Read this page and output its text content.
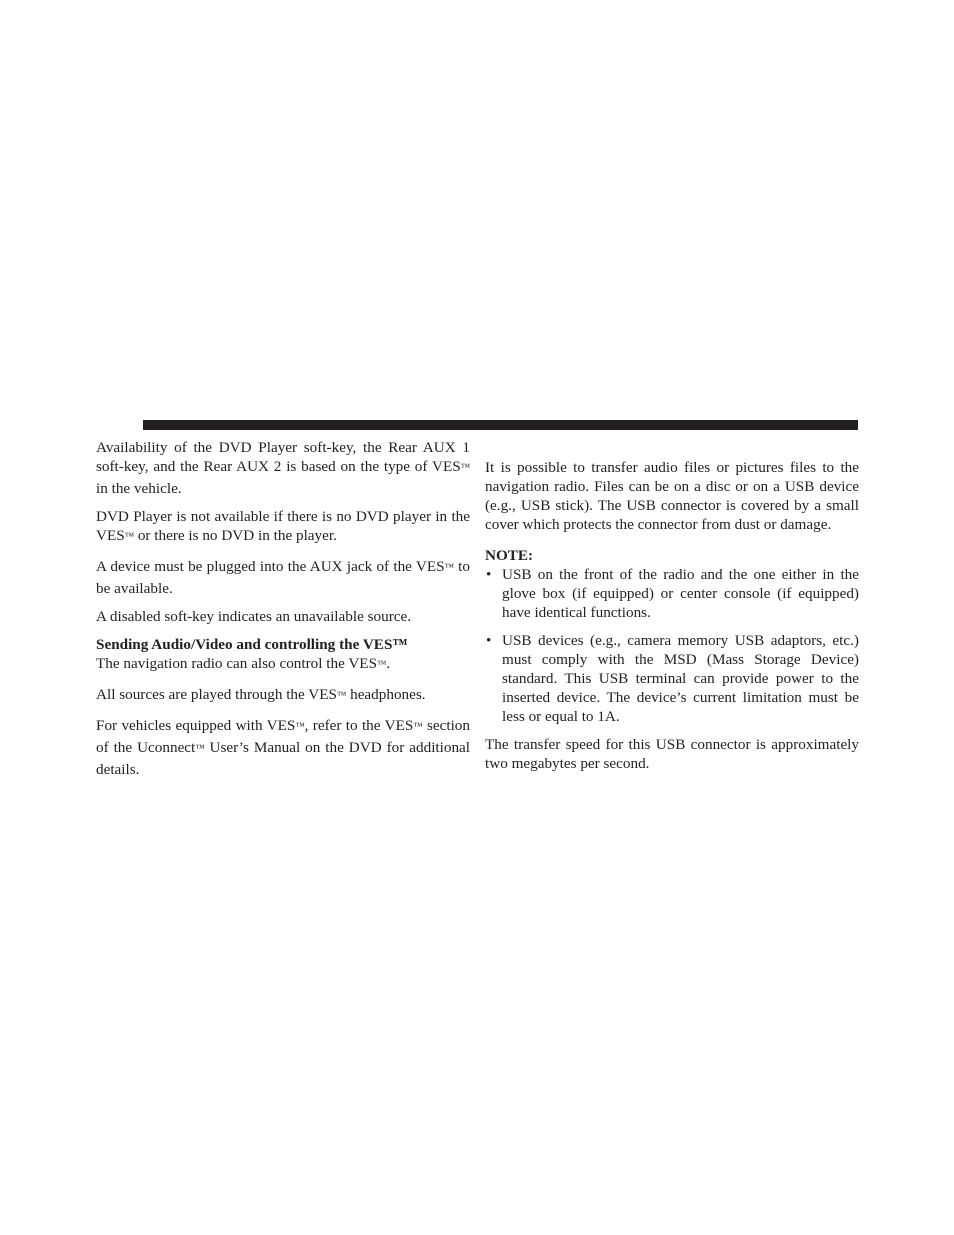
Availability of the DVD Player soft-key, the Rear AUX 1 soft-key, and the Rear AUX 2 is based on the type of VES™ in the vehicle.

DVD Player is not available if there is no DVD player in the VES™ or there is no DVD in the player.

A device must be plugged into the AUX jack of the VES™ to be available.

A disabled soft-key indicates an unavailable source.

Sending Audio/Video and controlling the VES™

The navigation radio can also control the VES™.

All sources are played through the VES™ headphones.

For vehicles equipped with VES™, refer to the VES™ section of the Uconnect™ User’s Manual on the DVD for additional details.

It is possible to transfer audio files or pictures files to the navigation radio. Files can be on a disc or on a USB device (e.g., USB stick). The USB connector is covered by a small cover which protects the connector from dust or damage.

NOTE:

• USB on the front of the radio and the one either in the glove box (if equipped) or center console (if equipped) have identical functions.
• USB devices (e.g., camera memory USB adaptors, etc.) must comply with the MSD (Mass Storage Device) standard. This USB terminal can provide power to the inserted device. The device’s current limitation must be less or equal to 1A.

The transfer speed for this USB connector is approximately two megabytes per second.
